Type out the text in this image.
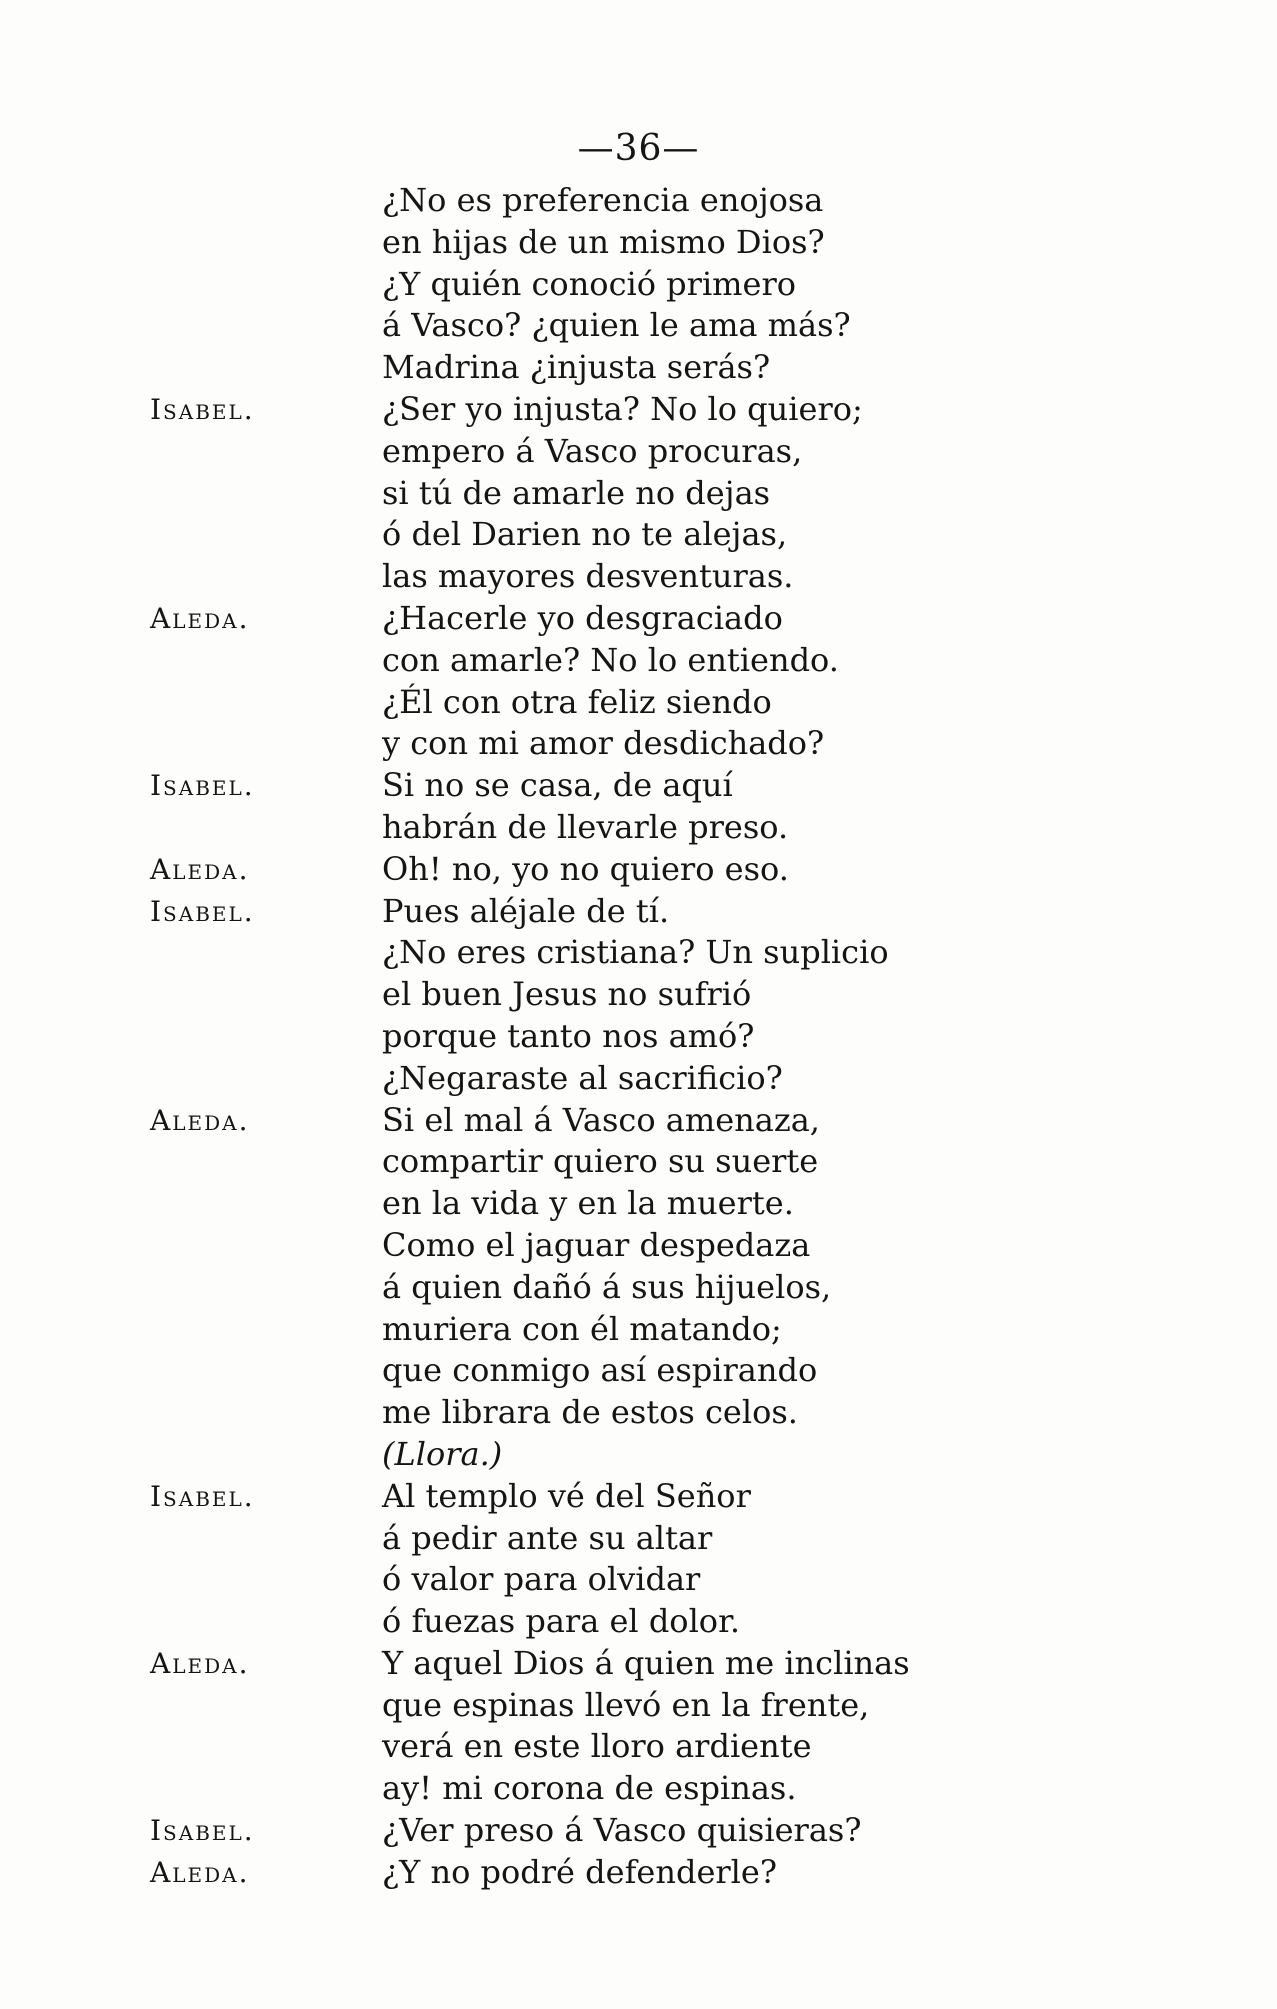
—36—
¿No es preferencia enojosa
en hijas de un mismo Dios?
¿Y quién conoció primero
á Vasco? ¿quien le ama más?
Madrina ¿injusta serás?
Isabel.	¿Ser yo injusta? No lo quiero;
empero á Vasco procuras,
si tú de amarle no dejas
ó del Darien no te alejas,
las mayores desventuras.
Aleda.	¿Hacerle yo desgraciado
con amarle? No lo entiendo.
¿Él con otra feliz siendo
y con mi amor desdichado?
Isabel.	Si no se casa, de aquí
habrán de llevarle preso.
Aleda.	Oh! no, yo no quiero eso.
Isabel.	Pues aléjale de tí.
¿No eres cristiana? Un suplicio
el buen Jesus no sufrió
porque tanto nos amó?
¿Negaraste al sacrificio?
Aleda.	Si el mal á Vasco amenaza,
compartir quiero su suerte
en la vida y en la muerte.
Como el jaguar despedaza
á quien dañó á sus hijuelos,
muriera con él matando;
que conmigo así espirando
me librara de estos celos.
(Llora.)
Isabel.	Al templo vé del Señor
á pedir ante su altar
ó valor para olvidar
ó fuezas para el dolor.
Aleda.	Y aquel Dios á quien me inclinas
que espinas llevó en la frente,
verá en este lloro ardiente
ay! mi corona de espinas.
Isabel.	¿Ver preso á Vasco quisieras?
Aleda.	¿Y no podré defenderle?
